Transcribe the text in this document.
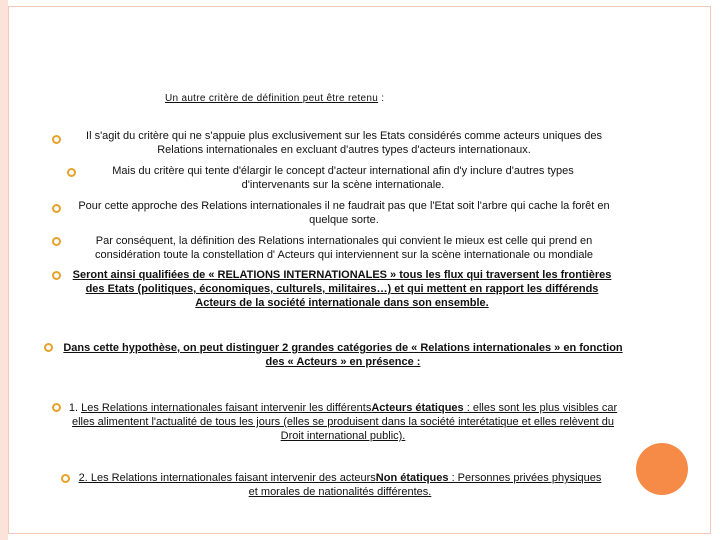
Un autre critère de définition peut être retenu :
Il s'agit du critère qui ne s'appuie plus exclusivement sur les Etats considérés comme acteurs uniques des Relations internationales en excluant d'autres types d'acteurs internationaux.
Mais du critère qui tente d'élargir le concept d'acteur international afin d'y inclure d'autres types d'intervenants sur la scène internationale.
Pour cette approche des Relations internationales il ne faudrait pas que l'Etat soit l'arbre qui cache la forêt en quelque sorte.
Par conséquent, la définition des Relations internationales qui convient le mieux est celle qui prend en considération toute la constellation d' Acteurs qui interviennent sur la scène internationale ou mondiale
Seront ainsi qualifiées de « RELATIONS INTERNATIONALES » tous les flux qui traversent les frontières des Etats (politiques, économiques, culturels, militaires…) et qui mettent en rapport les différends Acteurs de la société internationale dans son ensemble.
Dans cette hypothèse, on peut distinguer 2 grandes catégories de « Relations internationales » en fonction des « Acteurs » en présence :
1. Les Relations internationales faisant intervenir les différentsActeurs étatiques : elles sont les plus visibles car elles alimentent l'actualité de tous les jours (elles se produisent dans la société interétatique et elles relèvent du Droit international public).
2. Les Relations internationales faisant intervenir des acteursNon étatiques : Personnes privées physiques et morales de nationalités différentes.
